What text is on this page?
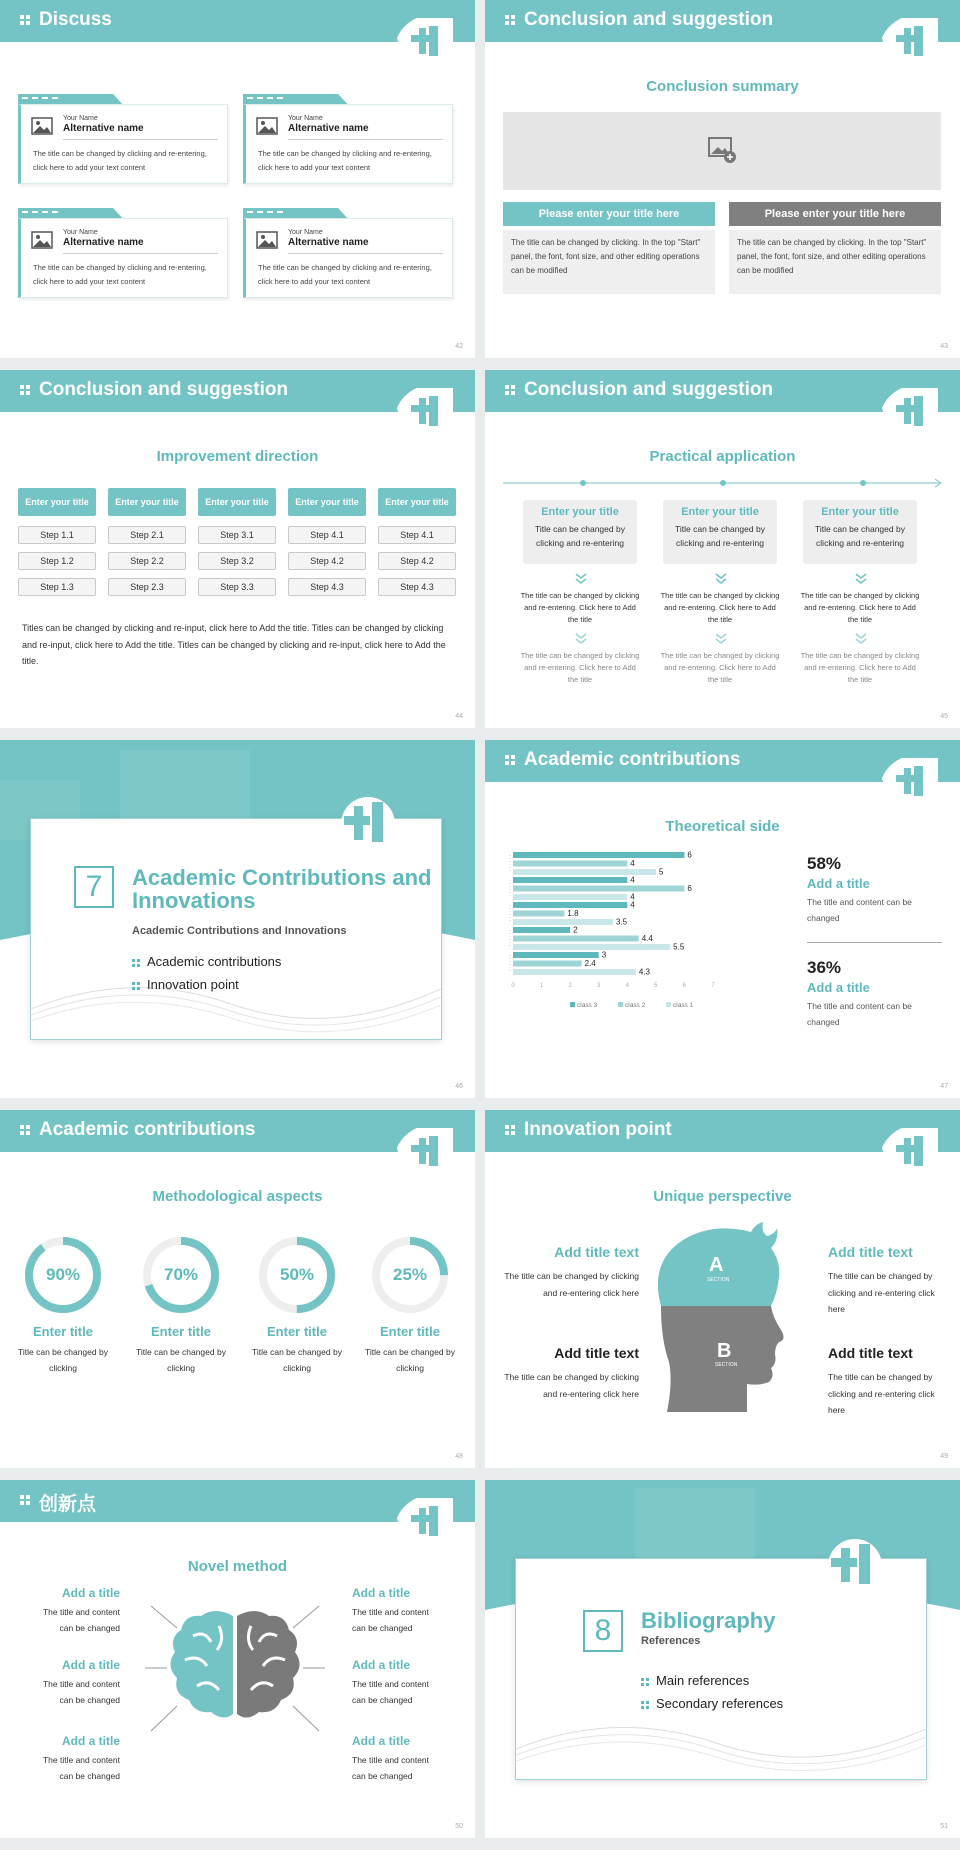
Discuss
Your Name
Alternative name
The title can be changed by clicking and re-entering, click here to add your text content
Your Name
Alternative name
The title can be changed by clicking and re-entering, click here to add your text content
Your Name
Alternative name
The title can be changed by clicking and re-entering, click here to add your text content
Your Name
Alternative name
The title can be changed by clicking and re-entering, click here to add your text content
42
Conclusion and suggestion
Conclusion summary
Please enter your title here
The title can be changed by clicking. In the top "Start" panel, the font, font size, and other editing operations can be modified
Please enter your title here
The title can be changed by clicking. In the top "Start" panel, the font, font size, and other editing operations can be modified
43
Conclusion and suggestion
Improvement direction
Enter your title
Step 1.1
Step 1.2
Step 1.3
Enter your title
Step 2.1
Step 2.2
Step 2.3
Enter your title
Step 3.1
Step 3.2
Step 3.3
Enter your title
Step 4.1
Step 4.2
Step 4.3
Enter your title
Step 4.1
Step 4.2
Step 4.3
Titles can be changed by clicking and re-input, click here to Add the title. Titles can be changed by clicking and re-input, click here to Add the title. Titles can be changed by clicking and re-input, click here to Add the title.
44
Conclusion and suggestion
Practical application
Enter your title
Title can be changed by clicking and re-entering
The title can be changed by clicking and re-entering. Click here to Add the title
The title can be changed by clicking and re-entering. Click here to Add the title
Enter your title
Title can be changed by clicking and re-entering
The title can be changed by clicking and re-entering. Click here to Add the title
The title can be changed by clicking and re-entering. Click here to Add the title
Enter your title
Title can be changed by clicking and re-entering
The title can be changed by clicking and re-entering. Click here to Add the title
The title can be changed by clicking and re-entering. Click here to Add the title
45
7	Academic Contributions and Innovations
Academic Contributions and Innovations
Academic contributions
Innovation point
46
Academic contributions
Theoretical side
6
4
5
4
6
4
4
1.8
3.5
2
4.4
5.5
3
2.4
4.3
0	1	2	3	4	5	6	7
class 3	class 2	class 1
58%
Add a title
The title and content can be changed
36%
Add a title
The title and content can be changed
47
Academic contributions
Methodological aspects
90%
Enter title
Title can be changed by clicking
70%
Enter title
Title can be changed by clicking
50%
Enter title
Title can be changed by clicking
25%
Enter title
Title can be changed by clicking
48
Innovation point
Unique perspective
A
SECTION
B
SECTION
Add title text
The title can be changed by clicking and re-entering click here
Add title text
The title can be changed by clicking and re-entering click here
Add title text
The title can be changed by clicking and re-entering click here
Add title text
The title can be changed by clicking and re-entering click here
49
创新点
Novel method
Add a title
The title and content can be changed
Add a title
The title and content can be changed
Add a title
The title and content can be changed
Add a title
The title and content can be changed
Add a title
The title and content can be changed
Add a title
The title and content can be changed
50
8	Bibliography
References
Main references
Secondary references
51
